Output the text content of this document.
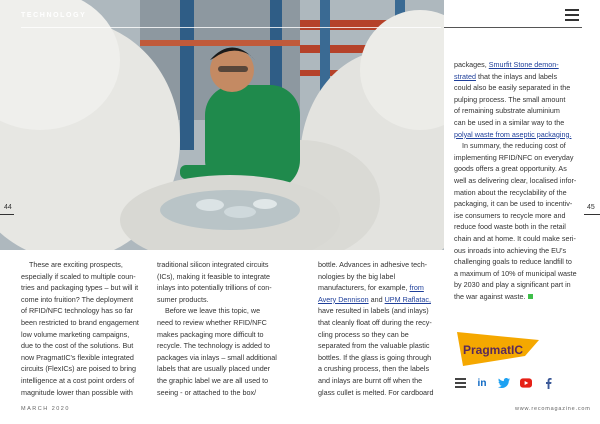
TECHNOLOGY
44	45

These are exciting prospects,

especially if scaled to multiple coun-

tries and packaging types – but will it

come into fruition? The deployment

of RFID/NFC technology has so far

been restricted to brand engagement

low volume marketing campaigns,

due to the cost of the solutions. But

now PragmatIC's flexible integrated

circuits (FlexICs) are poised to bring

intelligence at a cost point orders of

magnitude lower than possible with

traditional silicon integrated circuits

(ICs), making it feasible to integrate

inlays into potentially trillions of con-

sumer products.

Before we leave this topic, we

need to review whether RFID/NFC

makes packaging more difficult to

recycle. The technology is added to

packages via inlays – small additional

labels that are usually placed under

the graphic label we are all used to

seeing - or attached to the box/

bottle. Advances in adhesive tech-

nologies by the big label

manufacturers, for example, from

Avery Dennison and UPM Raflatac,

have resulted in labels (and inlays)

that cleanly float off during the recy-

cling process so they can be

separated from the valuable plastic

bottles. If the glass is going through

a crushing process, then the labels

and inlays are burnt off when the

glass cullet is melted. For cardboard

packages, Smurfit Stone demon-

strated that the inlays and labels

could also be easily separated in the

pulping process. The small amount

of remaining substrate aluminium

can be used in a similar way to the

polyal waste from aseptic packaging.

In summary, the reducing cost of

implementing RFID/NFC on everyday

goods offers a great opportunity. As

well as delivering clear, localised infor-

mation about the recyclability of the

packaging, it can be used to incentiv-

ise consumers to recycle more and

reduce food waste both in the retail

chain and at home. It could make seri-

ous inroads into achieving the EU's

challenging goals to reduce landfill to

a maximum of 10% of municipal waste

by 2030 and play a significant part in

the war against waste.

PragmatIC
in
MARCH 2020	www.recomagazine.com
